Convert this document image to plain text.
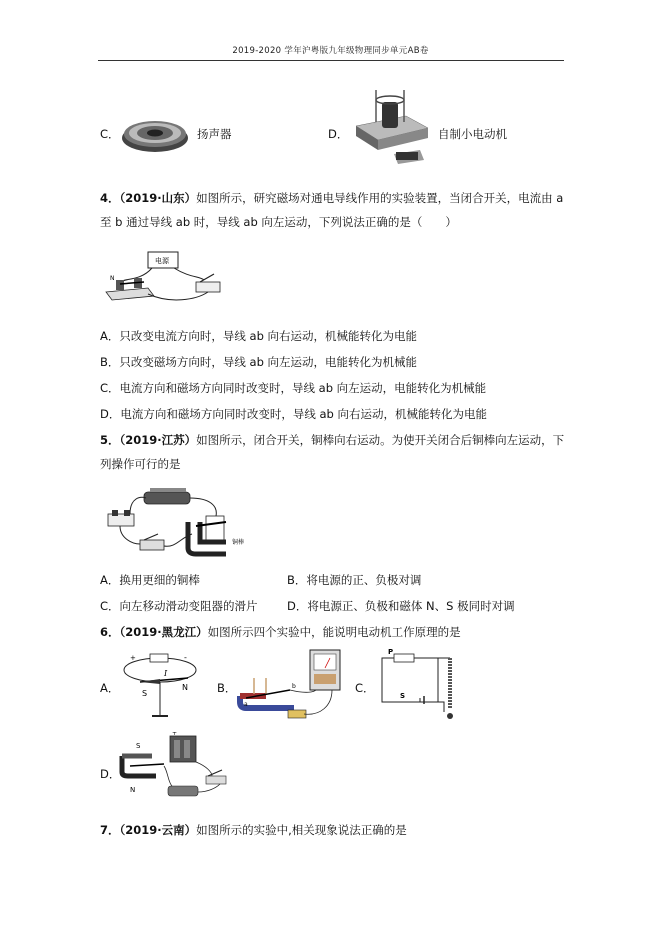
2019-2020 学年沪粤版九年级物理同步单元AB卷
C．	扬声器	D．	自制小电动机
4．（2019·山东）如图所示，研究磁场对通电导线作用的实验装置，当闭合开关，电流由 a
至 b 通过导线 ab 时，导线 ab 向左运动，下列说法正确的是（　　）
电源
N
A．只改变电流方向时，导线 ab 向右运动，机械能转化为电能
B．只改变磁场方向时，导线 ab 向左运动，电能转化为机械能
C．电流方向和磁场方向同时改变时，导线 ab 向左运动，电能转化为机械能
D．电流方向和磁场方向同时改变时，导线 ab 向右运动，机械能转化为电能
5．（2019·江苏）如图所示，闭合开关，铜棒向右运动。为使开关闭合后铜棒向左运动，下
列操作可行的是
铜棒
A．换用更细的铜棒	B．将电源的正、负极对调
C．向左移动滑动变阻器的滑片	D．将电源正、负极和磁体 N、S 极同时对调
6．（2019·黑龙江）如图所示四个实验中，能说明电动机工作原理的是
A．
+	-
I
S
N	B．
a
b	C．
P
S
D．
+
S
N
7．（2019·云南）如图所示的实验中,相关现象说法正确的是
